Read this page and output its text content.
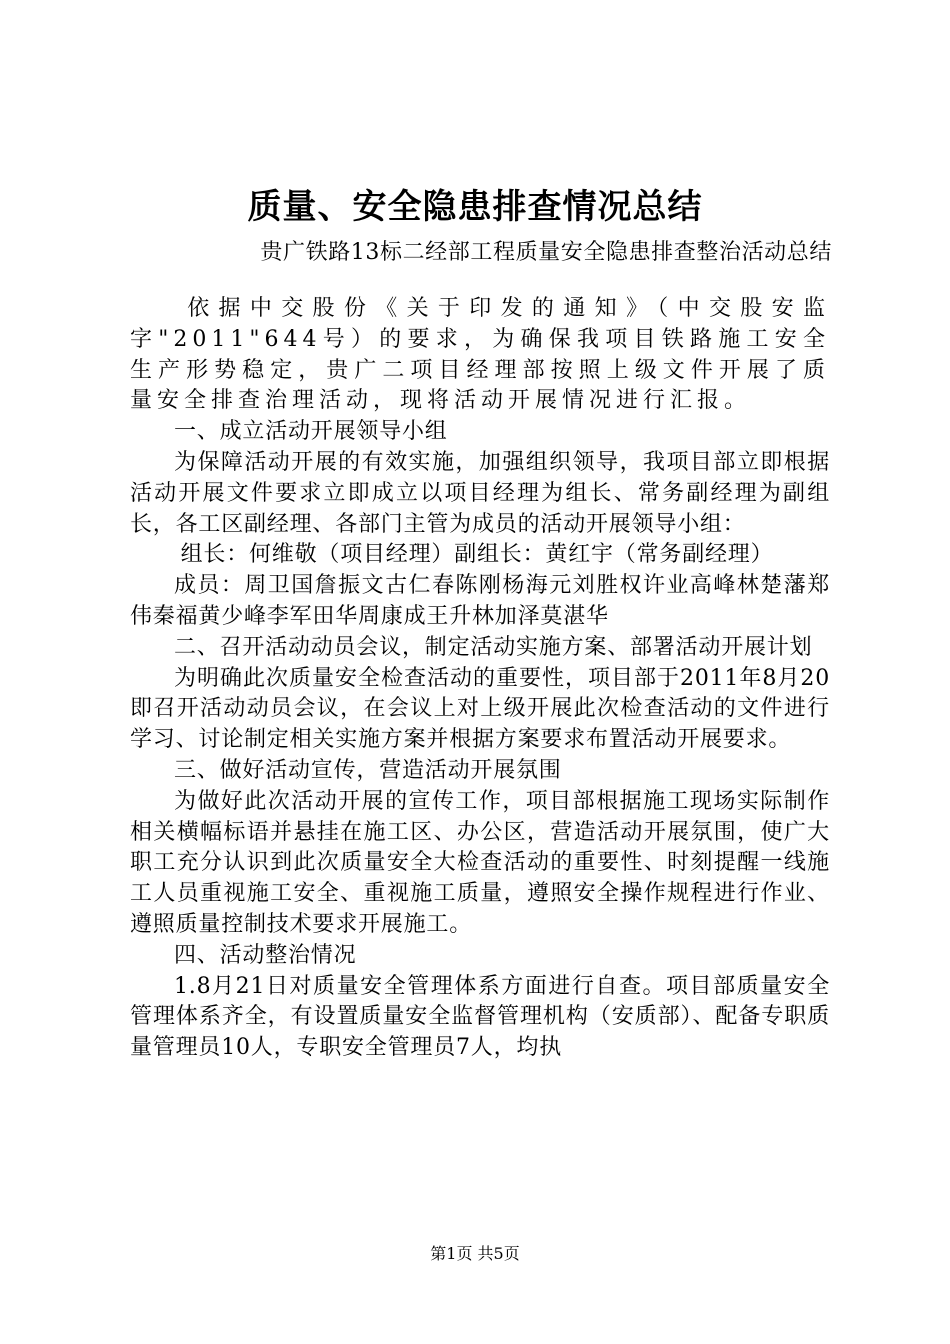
质量、安全隐患排查情况总结
贵广铁路13标二经部工程质量安全隐患排查整治活动总结

依据中交股份《关于印发的通知》（中交股安监字"2011"644号）的要求，为确保我项目铁路施工安全生产形势稳定，贵广二项目经理部按照上级文件开展了质量安全排查治理活动，现将活动开展情况进行汇报。

一、成立活动开展领导小组

为保障活动开展的有效实施，加强组织领导，我项目部立即根据活动开展文件要求立即成立以项目经理为组长、常务副经理为副组长，各工区副经理、各部门主管为成员的活动开展领导小组：

组长：何维敬（项目经理）副组长：黄红宇（常务副经理）

成员：周卫国詹振文古仁春陈刚杨海元刘胜权许业高峰林楚藩郑伟秦福黄少峰李军田华周康成王升林加泽莫湛华

二、召开活动动员会议，制定活动实施方案、部署活动开展计划

为明确此次质量安全检查活动的重要性，项目部于2011年8月20即召开活动动员会议，在会议上对上级开展此次检查活动的文件进行学习、讨论制定相关实施方案并根据方案要求布置活动开展要求。

三、做好活动宣传，营造活动开展氛围

为做好此次活动开展的宣传工作，项目部根据施工现场实际制作相关横幅标语并悬挂在施工区、办公区，营造活动开展氛围，使广大职工充分认识到此次质量安全大检查活动的重要性、时刻提醒一线施工人员重视施工安全、重视施工质量，遵照安全操作规程进行作业、遵照质量控制技术要求开展施工。

四、活动整治情况

1.8月21日对质量安全管理体系方面进行自查。项目部质量安全管理体系齐全，有设置质量安全监督管理机构（安质部）、配备专职质量管理员10人，专职安全管理员7人，均执

第1页 共5页
